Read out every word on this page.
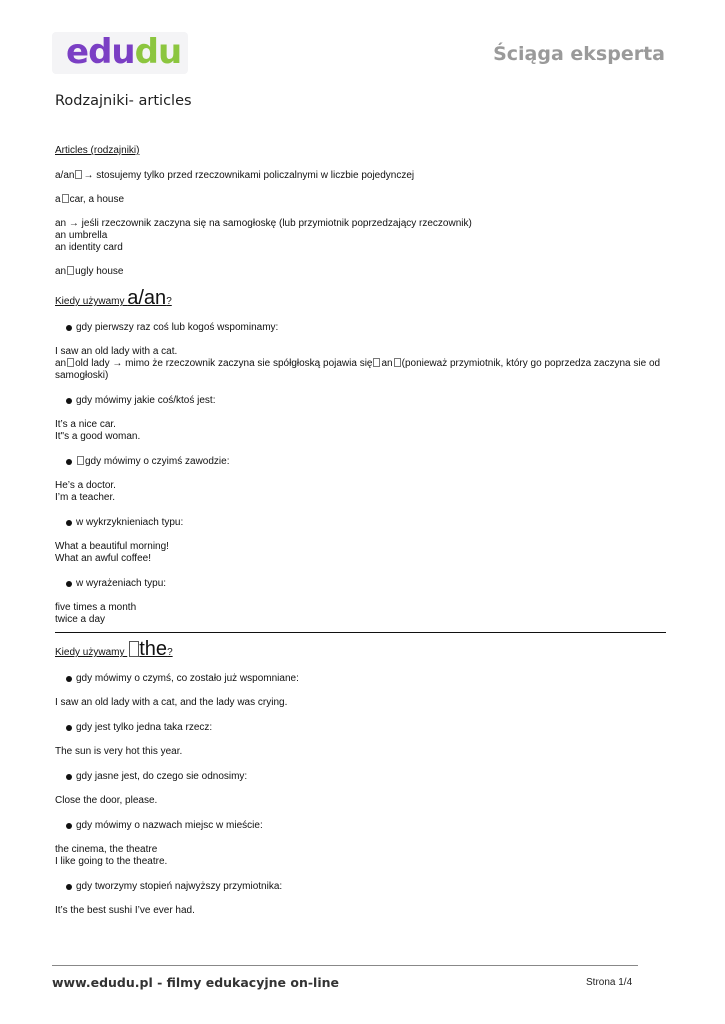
edudu	Ściąga eksperta
Rodzajniki- articles

Articles (rodzajniki)

a/an → stosujemy tylko przed rzeczownikami policzalnymi w liczbie pojedynczej

a car, a house

an → jeśli rzeczownik zaczyna się na samogłoskę (lub przymiotnik poprzedzający rzeczownik)

an umbrella

an identity card

an ugly house

Kiedy używamy a/an?

gdy pierwszy raz coś lub kogoś wspominamy:

I saw an old lady with a cat.

an old lady → mimo że rzeczownik zaczyna sie spółgłoską pojawia się an (ponieważ przymiotnik, który go poprzedza zaczyna sie od

samogłoski)

gdy mówimy jakie coś/ktoś jest:

It’s a nice car.

It"s a good woman.

gdy mówimy o czyimś zawodzie:

He’s a doctor.

I’m a teacher.

w wykrzyknieniach typu:

What a beautiful morning!

What an awful coffee!

w wyrażeniach typu:

five times a month

twice a day

Kiedy używamy the?

gdy mówimy o czymś, co zostało już wspomniane:

I saw an old lady with a cat, and the lady was crying.

gdy jest tylko jedna taka rzecz:

The sun is very hot this year.

gdy jasne jest, do czego sie odnosimy:

Close the door, please.

gdy mówimy o nazwach miejsc w mieście:

the cinema, the theatre

I like going to the theatre.

gdy tworzymy stopień najwyższy przymiotnika:

It’s the best sushi I’ve ever had.

www.edudu.pl - filmy edukacyjne on-line	Strona 1/4
